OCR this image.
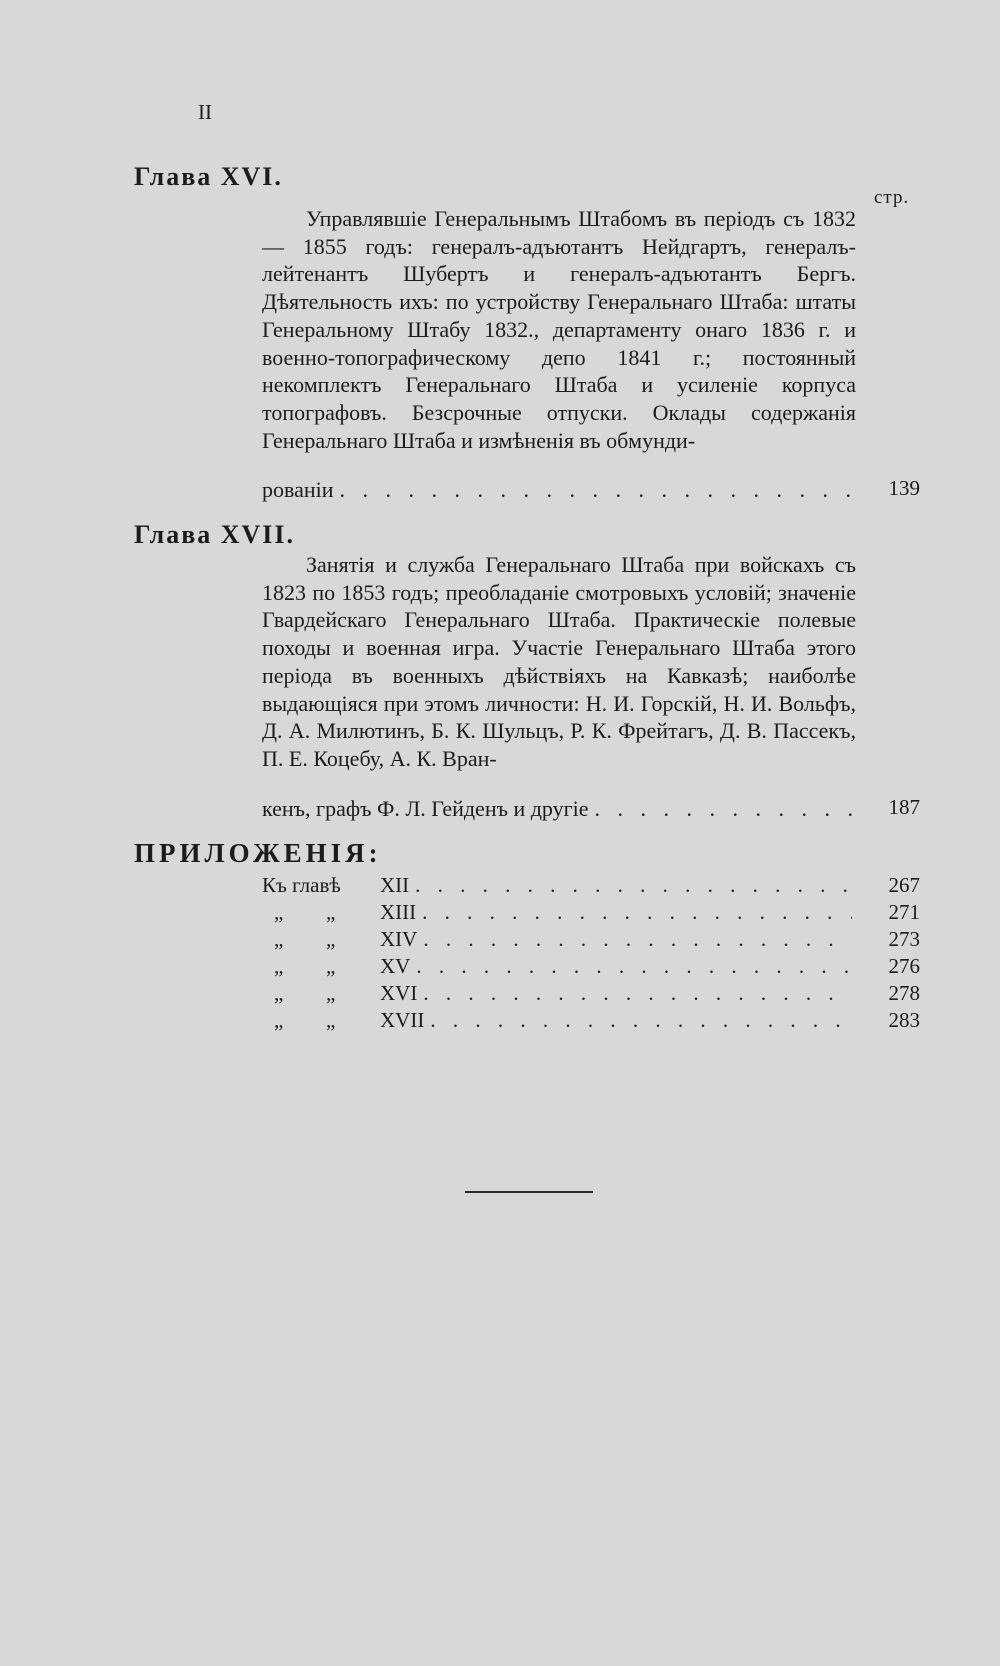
II
стр.
Глава XVI.
Управлявшіе Генеральнымъ Штабомъ въ періодъ съ 1832 — 1855 годъ: генералъ-адъютантъ Нейдгартъ, генералъ-лейтенантъ Шубертъ и генералъ-адъютантъ Бергъ. Дѣятельность ихъ: по устройству Генеральнаго Штаба: штаты Генеральному Штабу 1832., департаменту онаго 1836 г. и военно-топографическому депо 1841 г.; постоянный некомплектъ Генеральнаго Штаба и усиленіе корпуса топографовъ. Безсрочные отпуски. Оклады содержанія Генеральнаго Штаба и измѣненія въ обмунди-
рованіи . . .	139
Глава XVII.
Занятія и служба Генеральнаго Штаба при войскахъ съ 1823 по 1853 годъ; преобладаніе смотровыхъ условій; значеніе Гвардейскаго Генеральнаго Штаба. Практическіе полевые походы и военная игра. Участіе Генеральнаго Штаба этого періода въ военныхъ дѣйствіяхъ на Кавказѣ; наиболѣе выдающіяся при этомъ личности: Н. И. Горскій, Н. И. Вольфъ, Д. А. Милютинъ, Б. К. Шульцъ, Р. К. Фрейтагъ, Д. В. Пассекъ, П. Е. Коцебу, А. К. Вран-
кенъ, графъ Ф. Л. Гейденъ и другіе . . .	187
ПРИЛОЖЕНІЯ:
Къ главѣ	XII . . .	267
„ „	XIII . . .	271
„ „	XIV . . .	273
„ „	XV . . .	276
„ „	XVI . . .	278
„ „	XVII . . .	283
